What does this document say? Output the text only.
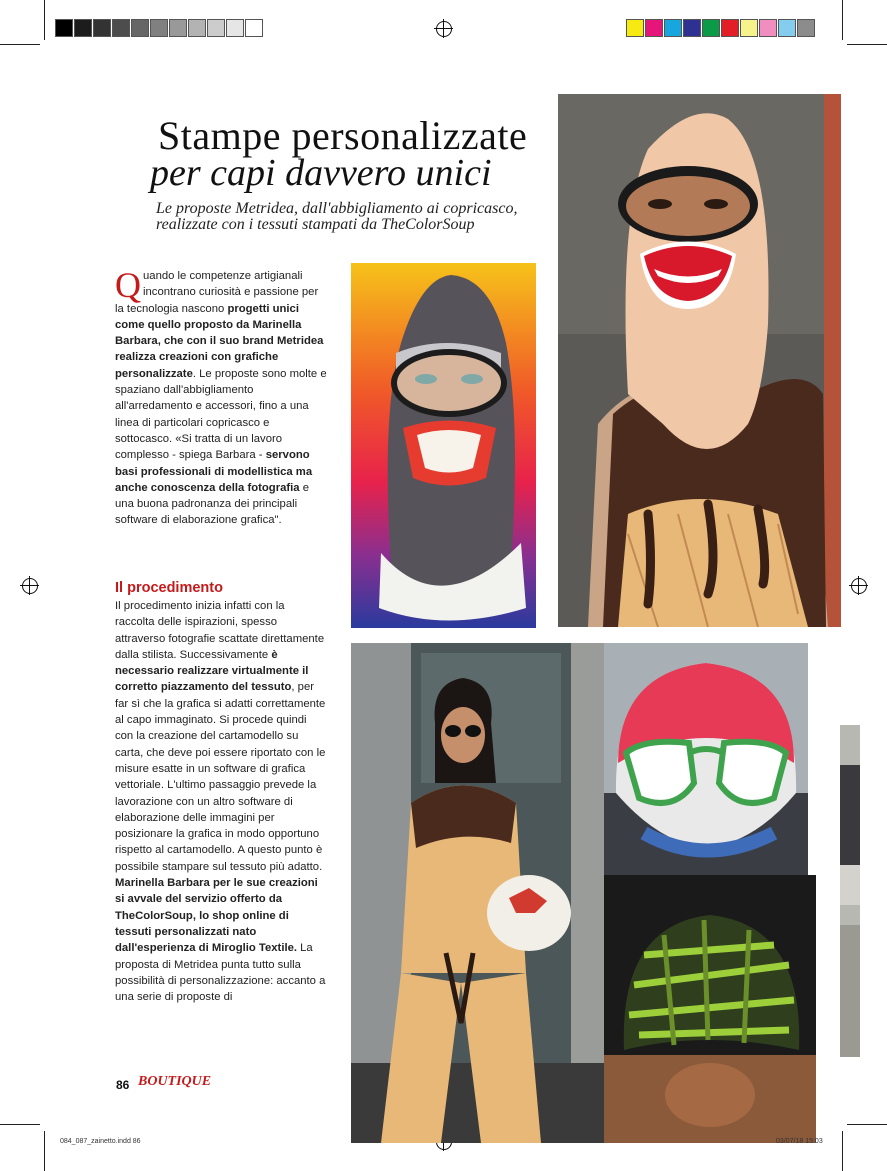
Stampe personalizzate
per capi davvero unici
Le proposte Metridea, dall'abbigliamento ai copricasco,
realizzate con i tessuti stampati da TheColorSoup

Quando le competenze artigianali incontrano curiosità e passione per la tecnologia nascono progetti unici come quello proposto da Marinella Barbara, che con il suo brand Metridea realizza creazioni con grafiche personalizzate. Le proposte sono molte e spaziano dall'abbigliamento all'arredamento e accessori, fino a una linea di particolari copricasco e sottocasco. «Si tratta di un lavoro complesso - spiega Barbara - servono basi professionali di modellistica ma anche conoscenza della fotografia e una buona padronanza dei principali software di elaborazione grafica".

Il procedimento

Il procedimento inizia infatti con la raccolta delle ispirazioni, spesso attraverso fotografie scattate direttamente dalla stilista. Successivamente è necessario realizzare virtualmente il corretto piazzamento del tessuto, per far sì che la grafica si adatti correttamente al capo immaginato. Si procede quindi con la creazione del cartamodello su carta, che deve poi essere riportato con le misure esatte in un software di grafica vettoriale. L'ultimo passaggio prevede la lavorazione con un altro software di elaborazione delle immagini per posizionare la grafica in modo opportuno rispetto al cartamodello. A questo punto è possibile stampare sul tessuto più adatto. Marinella Barbara per le sue creazioni si avvale del servizio offerto da TheColorSoup, lo shop online di tessuti personalizzati nato dall'esperienza di Miroglio Textile. La proposta di Metridea punta tutto sulla possibilità di personalizzazione: accanto a una serie di proposte di

86 BOUTIQUE
084_087_zainetto.indd 86	03/07/18 15:03
